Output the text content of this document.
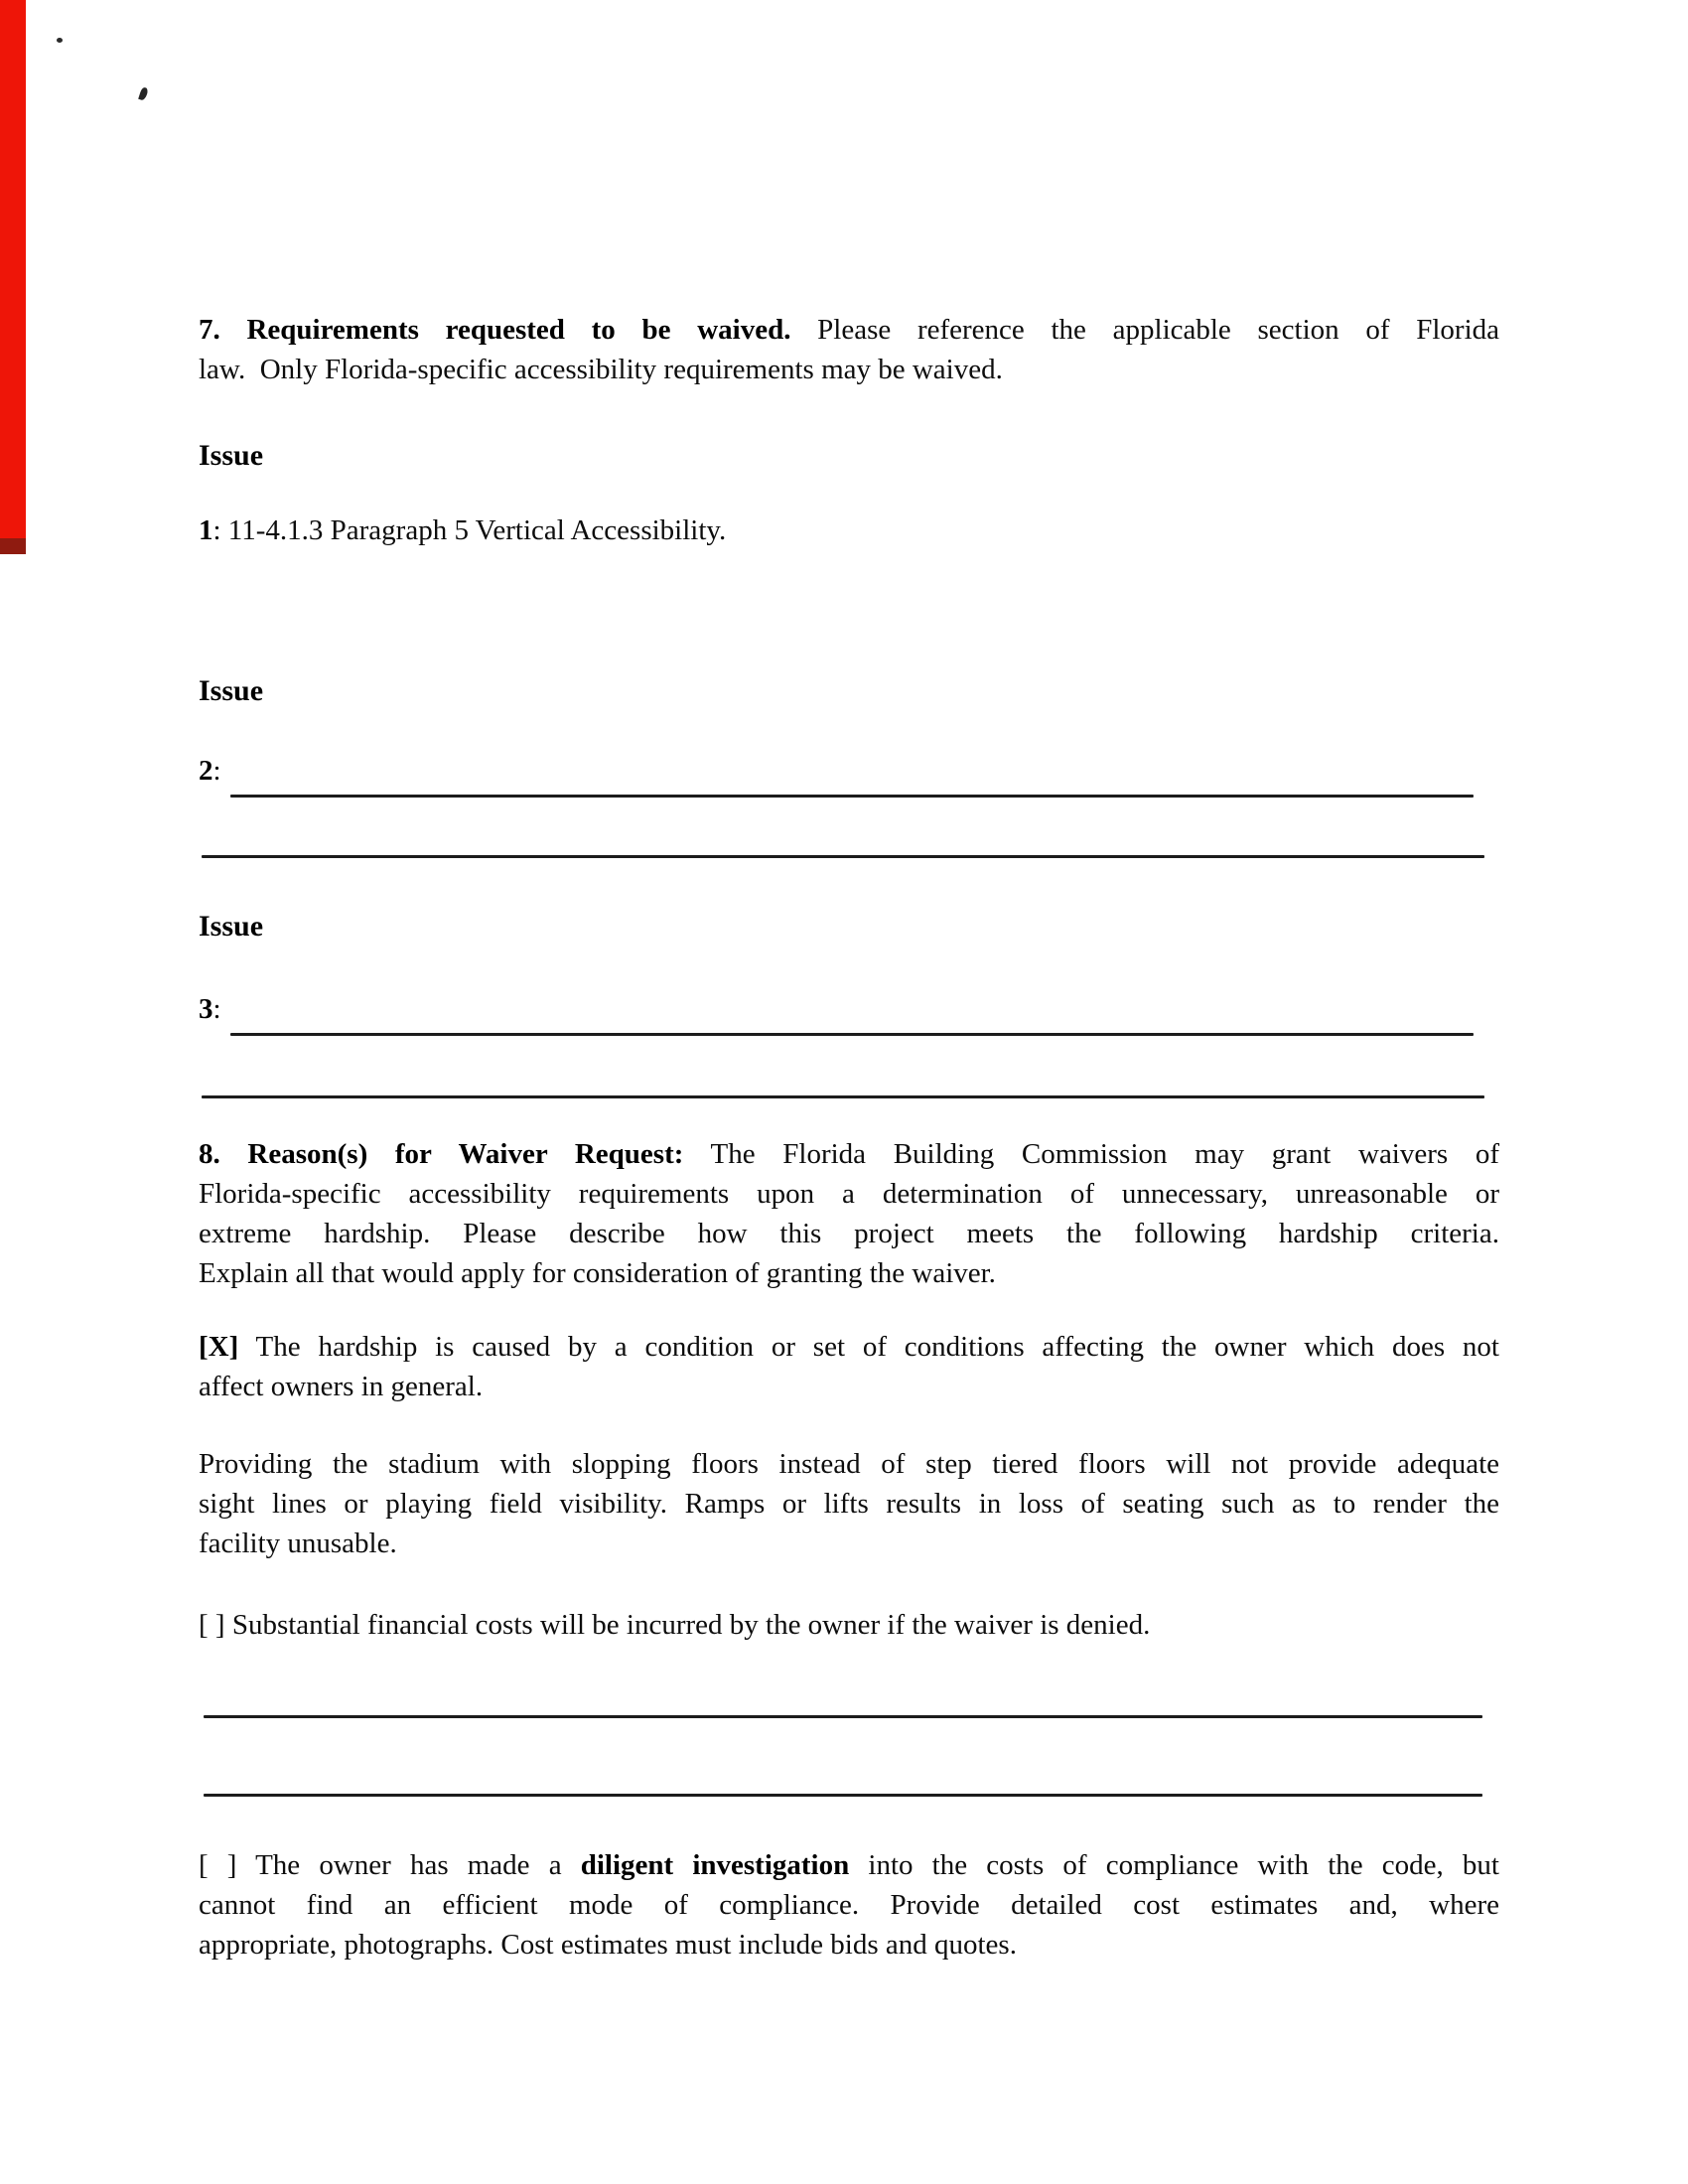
7. Requirements requested to be waived. Please reference the applicable section of Florida
law.  Only Florida-specific accessibility requirements may be waived.
Issue
1: 11-4.1.3 Paragraph 5 Vertical Accessibility.
Issue
2:
Issue
3:
8. Reason(s) for Waiver Request: The Florida Building Commission may grant waivers of
Florida-specific accessibility requirements upon a determination of unnecessary, unreasonable or
extreme hardship. Please describe how this project meets the following hardship criteria.
Explain all that would apply for consideration of granting the waiver.
[X] The hardship is caused by a condition or set of conditions affecting the owner which does not
affect owners in general.
Providing the stadium with slopping floors instead of step tiered floors will not provide adequate
sight lines or playing field visibility. Ramps or lifts results in loss of seating such as to render the
facility unusable.
[ ] Substantial financial costs will be incurred by the owner if the waiver is denied.
[ ] The owner has made a diligent investigation into the costs of compliance with the code, but
cannot find an efficient mode of compliance. Provide detailed cost estimates and, where
appropriate, photographs. Cost estimates must include bids and quotes.
